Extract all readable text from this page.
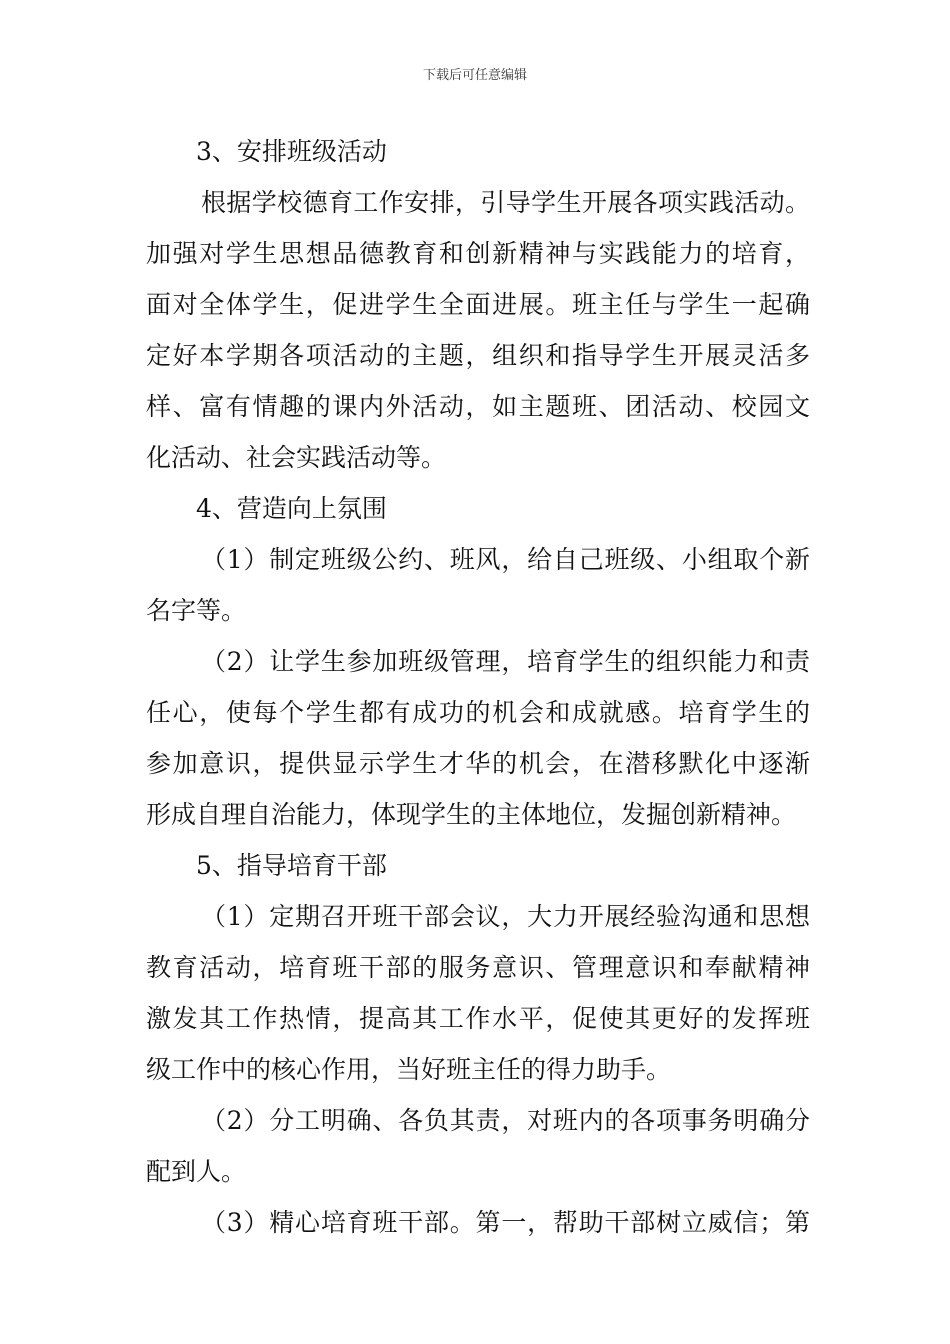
下载后可任意编辑
3、安排班级活动
根据学校德育工作安排，引导学生开展各项实践活动。
加强对学生思想品德教育和创新精神与实践能力的培育，
面对全体学生，促进学生全面进展。班主任与学生一起确
定好本学期各项活动的主题，组织和指导学生开展灵活多
样、富有情趣的课内外活动，如主题班、团活动、校园文
化活动、社会实践活动等。
4、营造向上氛围
（1）制定班级公约、班风，给自己班级、小组取个新
名字等。
（2）让学生参加班级管理，培育学生的组织能力和责
任心，使每个学生都有成功的机会和成就感。培育学生的
参加意识，提供显示学生才华的机会，在潜移默化中逐渐
形成自理自治能力，体现学生的主体地位，发掘创新精神。
5、指导培育干部
（1）定期召开班干部会议，大力开展经验沟通和思想
教育活动，培育班干部的服务意识、管理意识和奉献精神
激发其工作热情，提高其工作水平，促使其更好的发挥班
级工作中的核心作用，当好班主任的得力助手。
（2）分工明确、各负其责，对班内的各项事务明确分
配到人。
（3）精心培育班干部。第一，帮助干部树立威信；第
